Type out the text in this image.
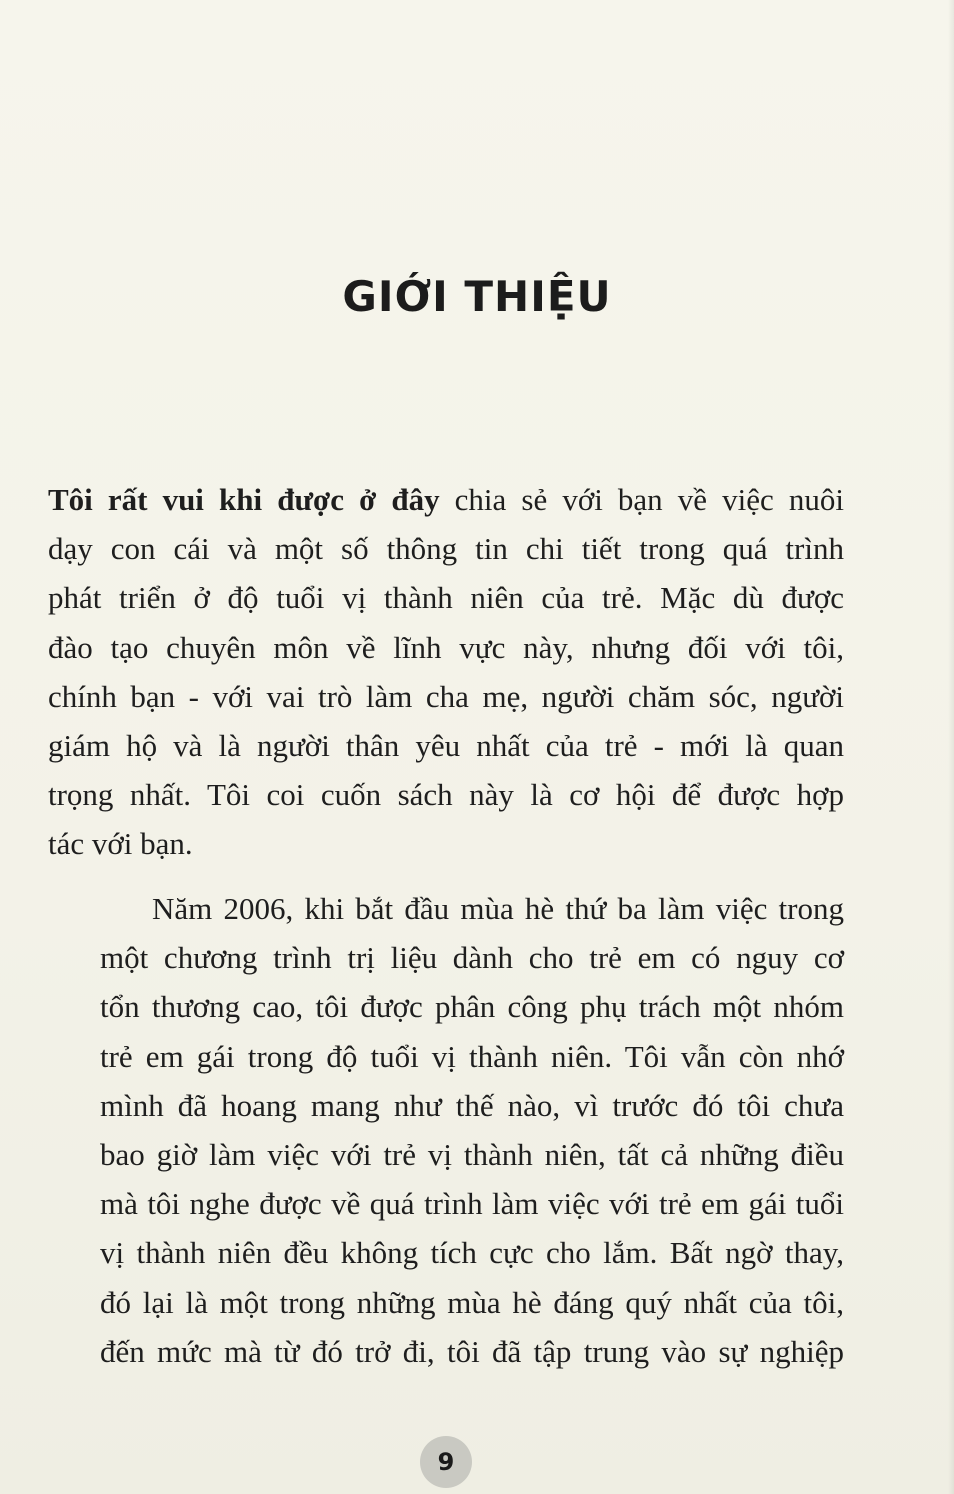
GIỚI THIỆU

Tôi rất vui khi được ở đây chia sẻ với bạn về việc nuôi
dạy con cái và một số thông tin chi tiết trong quá trình
phát triển ở độ tuổi vị thành niên của trẻ. Mặc dù được
đào tạo chuyên môn về lĩnh vực này, nhưng đối với tôi,
chính bạn - với vai trò làm cha mẹ, người chăm sóc, người
giám hộ và là người thân yêu nhất của trẻ - mới là quan
trọng nhất. Tôi coi cuốn sách này là cơ hội để được hợp
tác với bạn.

Năm 2006, khi bắt đầu mùa hè thứ ba làm việc trong
một chương trình trị liệu dành cho trẻ em có nguy cơ
tổn thương cao, tôi được phân công phụ trách một nhóm
trẻ em gái trong độ tuổi vị thành niên. Tôi vẫn còn nhớ
mình đã hoang mang như thế nào, vì trước đó tôi chưa
bao giờ làm việc với trẻ vị thành niên, tất cả những điều
mà tôi nghe được về quá trình làm việc với trẻ em gái tuổi
vị thành niên đều không tích cực cho lắm. Bất ngờ thay,
đó lại là một trong những mùa hè đáng quý nhất của tôi,
đến mức mà từ đó trở đi, tôi đã tập trung vào sự nghiệp

9
